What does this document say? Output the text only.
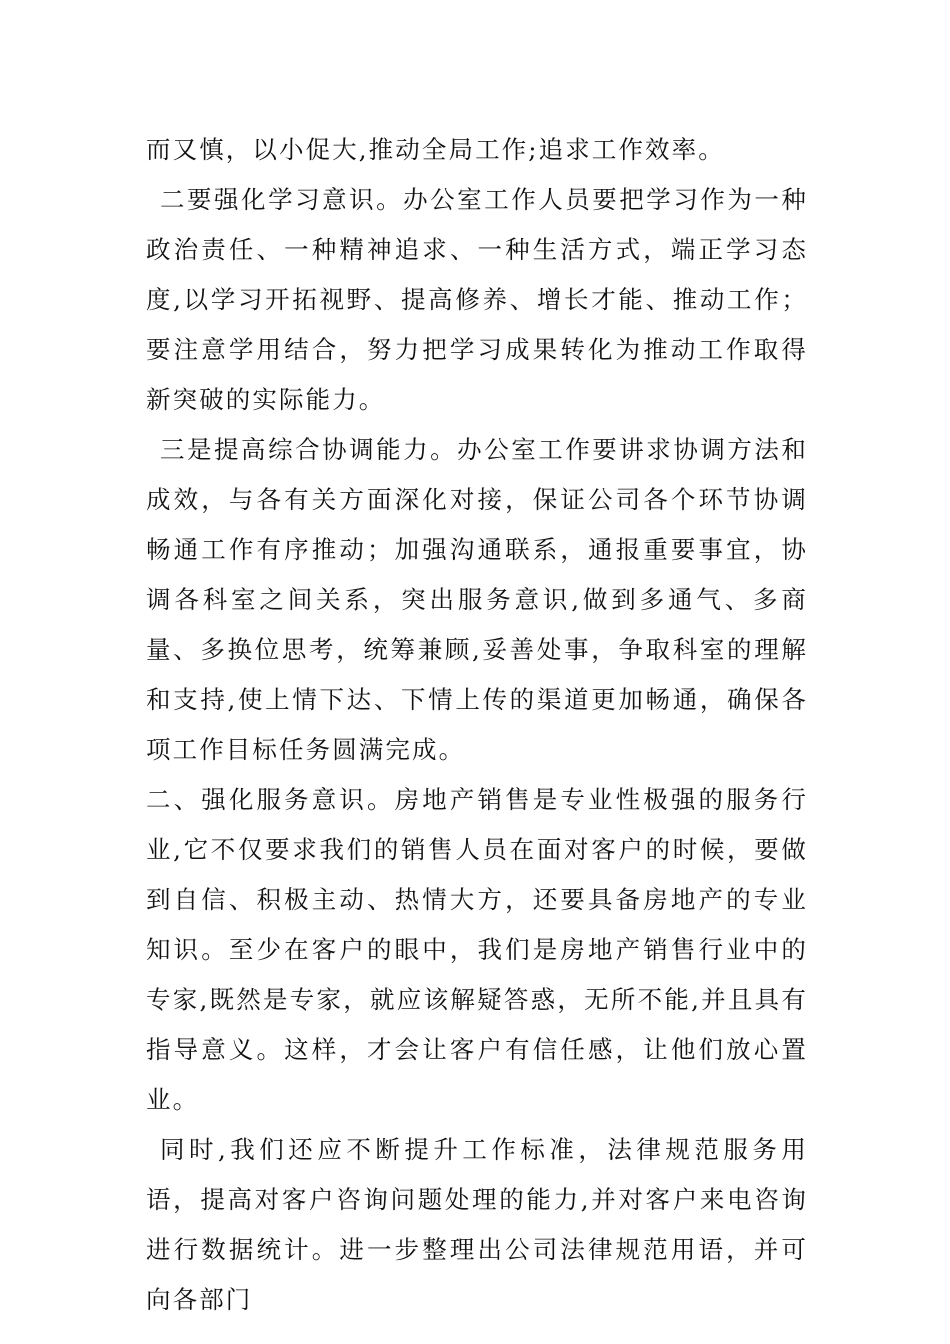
而又慎，以小促大,推动全局工作;追求工作效率。

二要强化学习意识。办公室工作人员要把学习作为一种政治责任、一种精神追求、一种生活方式，端正学习态度,以学习开拓视野、提高修养、增长才能、推动工作；要注意学用结合，努力把学习成果转化为推动工作取得新突破的实际能力。

三是提高综合协调能力。办公室工作要讲求协调方法和成效，与各有关方面深化对接，保证公司各个环节协调畅通工作有序推动；加强沟通联系，通报重要事宜，协调各科室之间关系，突出服务意识,做到多通气、多商量、多换位思考，统筹兼顾,妥善处事，争取科室的理解和支持,使上情下达、下情上传的渠道更加畅通，确保各项工作目标任务圆满完成。

二、强化服务意识。房地产销售是专业性极强的服务行业,它不仅要求我们的销售人员在面对客户的时候，要做到自信、积极主动、热情大方，还要具备房地产的专业知识。至少在客户的眼中，我们是房地产销售行业中的专家,既然是专家，就应该解疑答惑，无所不能,并且具有指导意义。这样，才会让客户有信任感，让他们放心置业。

同时,我们还应不断提升工作标准，法律规范服务用语，提高对客户咨询问题处理的能力,并对客户来电咨询进行数据统计。进一步整理出公司法律规范用语，并可向各部门
